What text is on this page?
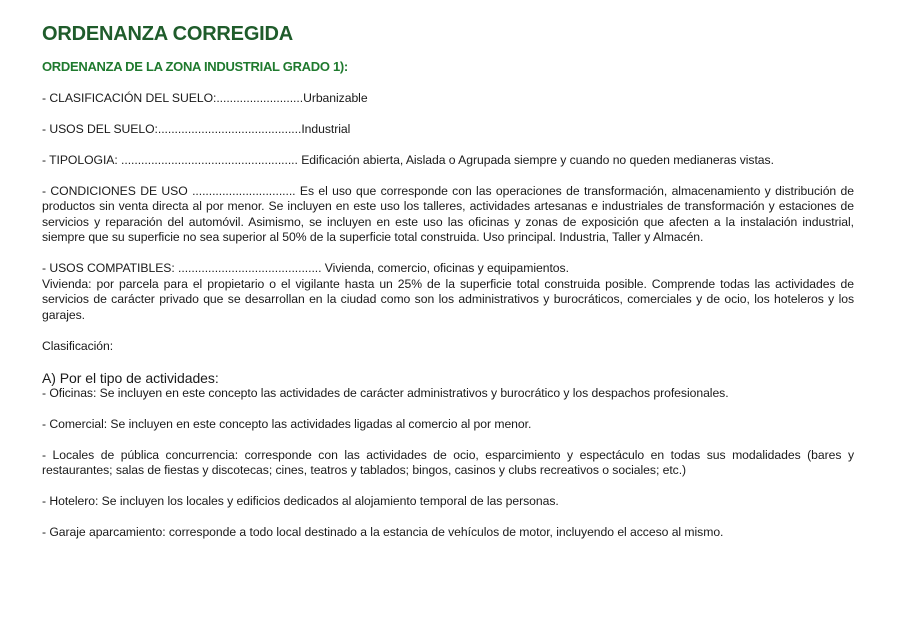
ORDENANZA CORREGIDA
ORDENANZA DE LA ZONA INDUSTRIAL GRADO 1):

- CLASIFICACIÓN DEL SUELO:..........................Urbanizable

- USOS DEL SUELO:...........................................Industrial

- TIPOLOGIA: ..................................................... Edificación abierta, Aislada o Agrupada siempre y cuando no queden medianeras vistas.

- CONDICIONES DE USO ............................... Es el uso que corresponde con las operaciones de transformación, almacenamiento y distribución de productos sin venta directa al por menor. Se incluyen en este uso los talleres, actividades artesanas e industriales de transformación y estaciones de servicios y reparación del automóvil. Asimismo, se incluyen en este uso las oficinas y zonas de exposición que afecten a la instalación industrial, siempre que su superficie no sea superior al 50% de la superficie total construida. Uso principal. Industria, Taller y Almacén.

- USOS COMPATIBLES: ........................................... Vivienda, comercio, oficinas y equipamientos.

Vivienda: por parcela para el propietario o el vigilante hasta un 25% de la superficie total construida posible. Comprende todas las actividades de servicios de carácter privado que se desarrollan en la ciudad como son los administrativos y burocráticos, comerciales y de ocio, los hoteleros y los garajes.

Clasificación:

A) Por el tipo de actividades:

- Oficinas: Se incluyen en este concepto las actividades de carácter administrativos y burocrático y los despachos profesionales.

- Comercial: Se incluyen en este concepto las actividades ligadas al comercio al por menor.

- Locales de pública concurrencia: corresponde con las actividades de ocio, esparcimiento y espectáculo en todas sus modalidades (bares y restaurantes; salas de fiestas y discotecas; cines, teatros y tablados; bingos, casinos y clubs recreativos o sociales; etc.)

- Hotelero: Se incluyen los locales y edificios dedicados al alojamiento temporal de las personas.

- Garaje aparcamiento: corresponde a todo local destinado a la estancia de vehículos de motor, incluyendo el acceso al mismo.
